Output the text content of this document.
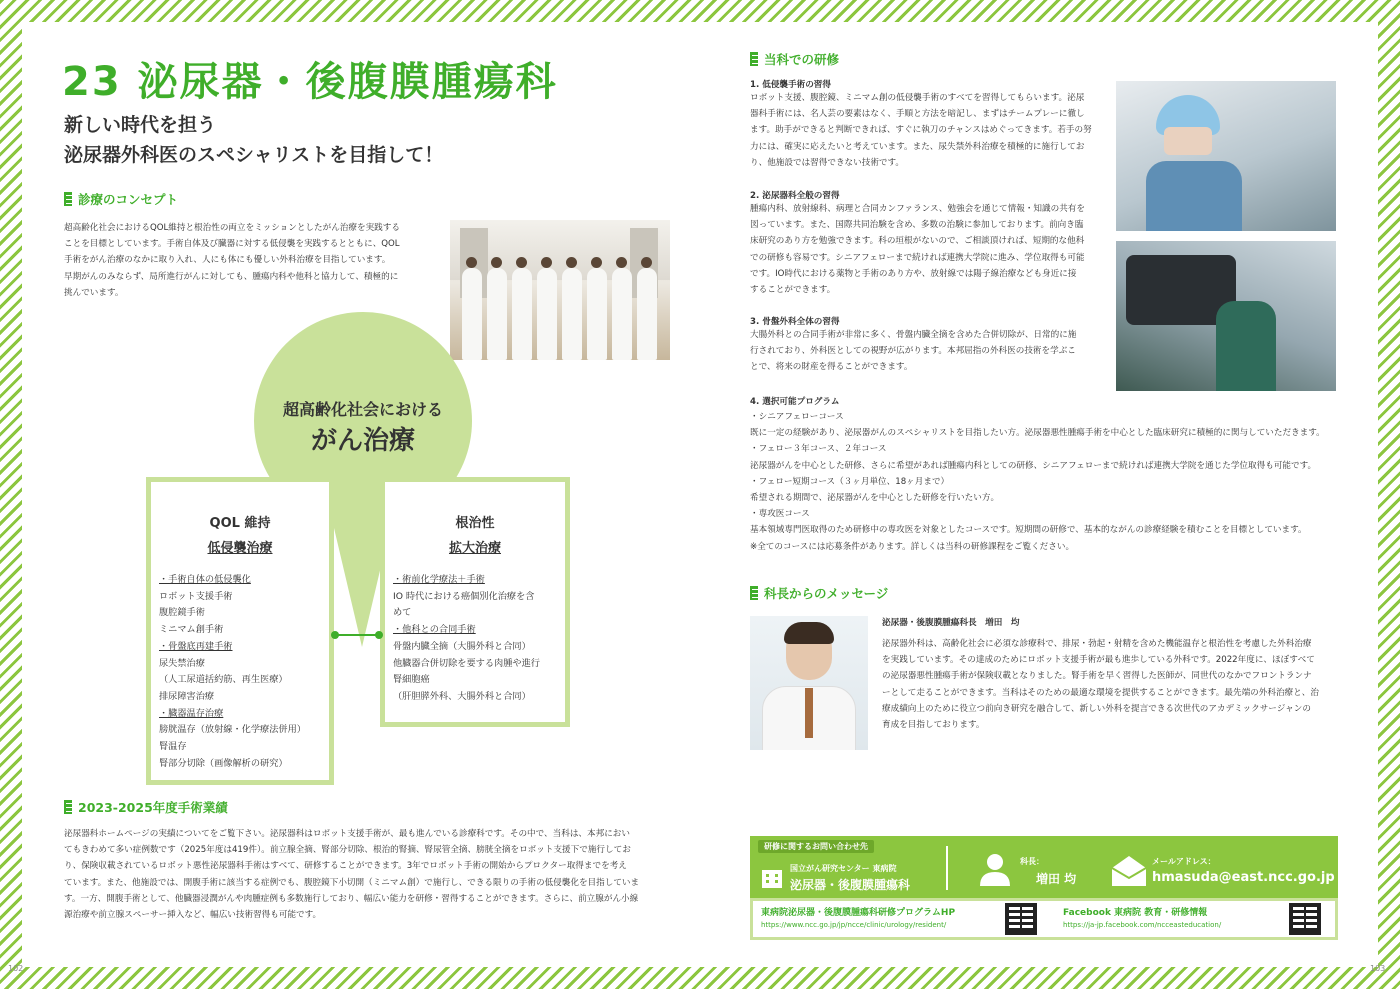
23 泌尿器・後腹膜腫瘍科
新しい時代を担う
泌尿器外科医のスペシャリストを目指して！
診療のコンセプト
超高齢化社会におけるQOL維持と根治性の両立をミッションとしたがん治療を実践する
ことを目標としています。手術自体及び臓器に対する低侵襲を実践するとともに、QOL
手術をがん治療のなかに取り入れ、人にも体にも優しい外科治療を目指しています。
早期がんのみならず、局所進行がんに対しても、腫瘍内科や他科と協力して、積極的に
挑んでいます。
超高齢化社会における
がん治療
QOL 維持
低侵襲治療
・手術自体の低侵襲化
ロボット支援手術
腹腔鏡手術
ミニマム創手術
・骨盤底再建手術
尿失禁治療
（人工尿道括約筋、再生医療）
排尿障害治療
・臓器温存治療
膀胱温存（放射線・化学療法併用）
腎温存
腎部分切除（画像解析の研究）
根治性
拡大治療
・術前化学療法＋手術
IO 時代における癌個別化治療を含
めて
・他科との合同手術
骨盤内臓全摘（大腸外科と合同）
他臓器合併切除を要する肉腫や進行
腎細胞癌
（肝胆膵外科、大腸外科と合同）
2023-2025年度手術業績
泌尿器科ホームページの実績についてをご覧下さい。泌尿器科はロボット支援手術が、最も進んでいる診療科です。その中で、当科は、本邦におい
てもきわめて多い症例数です（2025年度は419件）。前立腺全摘、腎部分切除、根治的腎摘、腎尿管全摘、膀胱全摘をロボット支援下で施行してお
り、保険収載されているロボット悪性泌尿器科手術はすべて、研修することができます。3年でロボット手術の開始からプロクター取得までを考え
ています。また、他施設では、開腹手術に該当する症例でも、腹腔鏡下小切開（ミニマム創）で施行し、できる限りの手術の低侵襲化を目指していま
す。一方、開腹手術として、他臓器浸潤がんや肉腫症例も多数施行しており、幅広い能力を研修・習得することができます。さらに、前立腺がん小線
源治療や前立腺スペーサー挿入など、幅広い技術習得も可能です。
102
当科での研修
1. 低侵襲手術の習得
ロボット支援、腹腔鏡、ミニマム創の低侵襲手術のすべてを習得してもらいます。泌尿
器科手術には、名人芸の要素はなく、手順と方法を暗記し、まずはチームプレーに徹し
ます。助手ができると判断できれば、すぐに執刀のチャンスはめぐってきます。若手の努
力には、確実に応えたいと考えています。また、尿失禁外科治療を積極的に施行してお
り、他施設では習得できない技術です。
2. 泌尿器科全般の習得
腫瘍内科、放射線科、病理と合同カンファランス、勉強会を通じて情報・知識の共有を
図っています。また、国際共同治験を含め、多数の治験に参加しております。前向き臨
床研究のあり方を勉強できます。科の垣根がないので、ご相談頂ければ、短期的な他科
での研修も容易です。シニアフェローまで続ければ連携大学院に進み、学位取得も可能
です。IO時代における薬物と手術のあり方や、放射線では陽子線治療なども身近に接
することができます。
3. 骨盤外科全体の習得
大腸外科との合同手術が非常に多く、骨盤内臓全摘を含めた合併切除が、日常的に施
行されており、外科医としての視野が広がります。本邦屈指の外科医の技術を学ぶこ
とで、将来の財産を得ることができます。
4. 選択可能プログラム
・シニアフェローコース
既に一定の経験があり、泌尿器がんのスペシャリストを目指したい方。泌尿器悪性腫瘍手術を中心とした臨床研究に積極的に関与していただきます。
・フェロー３年コース、２年コース
泌尿器がんを中心とした研修、さらに希望があれば腫瘍内科としての研修、シニアフェローまで続ければ連携大学院を通じた学位取得も可能です。
・フェロー短期コース（３ヶ月単位、18ヶ月まで）
希望される期間で、泌尿器がんを中心とした研修を行いたい方。
・専攻医コース
基本領域専門医取得のため研修中の専攻医を対象としたコースです。短期間の研修で、基本的ながんの診療経験を積むことを目標としています。
※全てのコースには応募条件があります。詳しくは当科の研修課程をご覧ください。
科長からのメッセージ
泌尿器・後腹膜腫瘍科長　増田　均
泌尿器外科は、高齢化社会に必須な診療科で、排尿・勃起・射精を含めた機能温存と根治性を考慮した外科治療
を実践しています。その達成のためにロボット支援手術が最も進歩している外科です。2022年度に、ほぼすべて
の泌尿器悪性腫瘍手術が保険収載となりました。腎手術を早く習得した医師が、同世代のなかでフロントランナ
ーとして走ることができます。当科はそのための最適な環境を提供することができます。最先端の外科治療と、治
療成績向上のために役立つ前向き研究を融合して、新しい外科を提言できる次世代のアカデミックサージャンの
育成を目指しております。
研修に関するお問い合わせ先
国立がん研究センター 東病院
泌尿器・後腹膜腫瘍科
科長：
増田 均
メールアドレス：
hmasuda@east.ncc.go.jp
東病院泌尿器・後腹膜腫瘍科研修プログラムHP
https://www.ncc.go.jp/jp/ncce/clinic/urology/resident/
Facebook 東病院 教育・研修情報
https://ja-jp.facebook.com/ncceasteducation/
103
